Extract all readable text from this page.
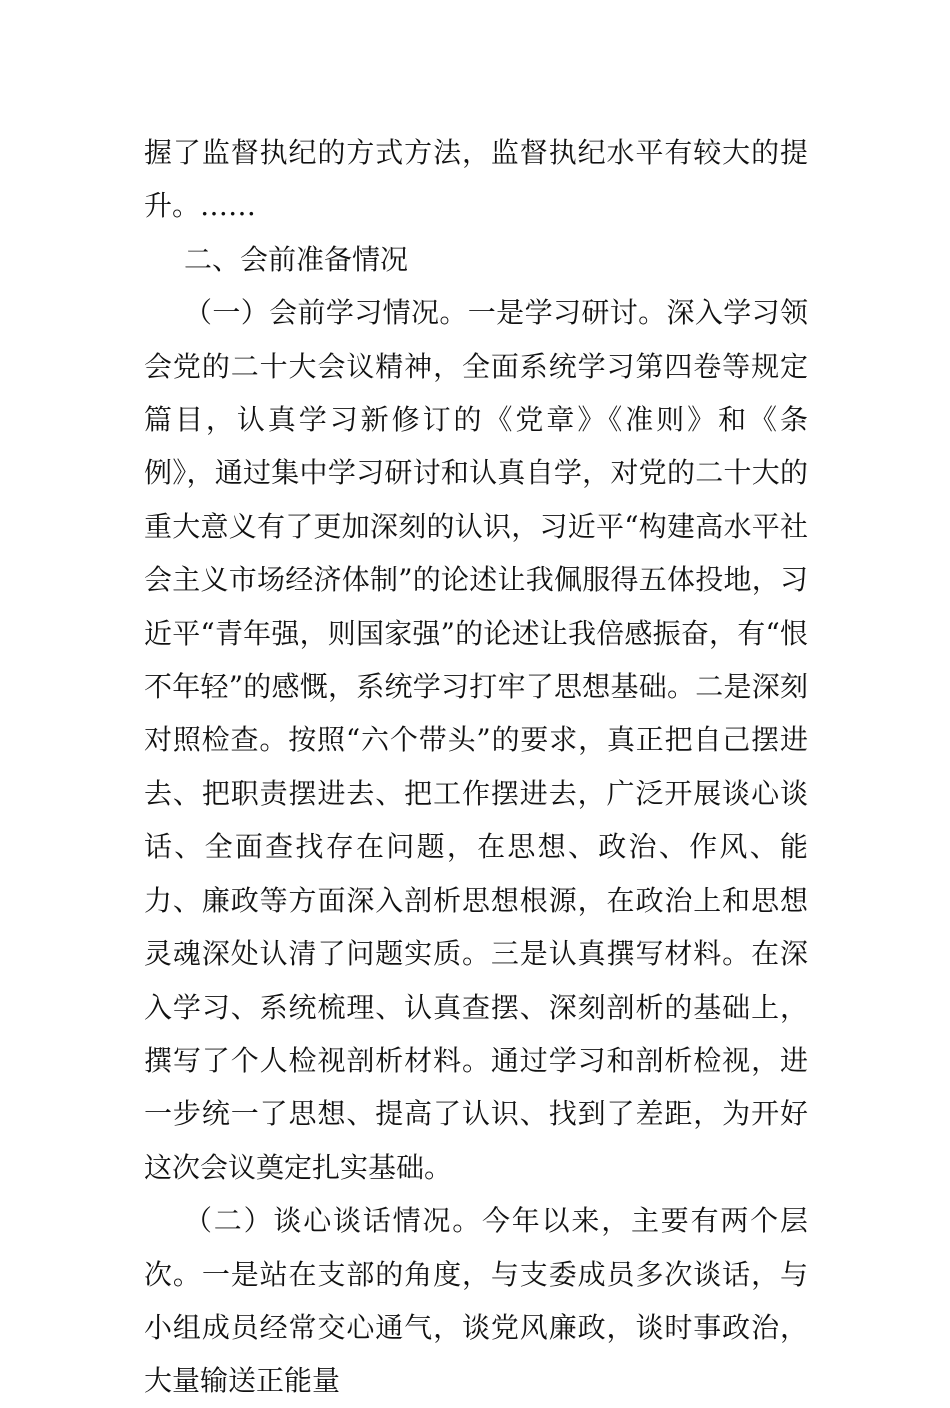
握了监督执纪的方式方法，监督执纪水平有较大的提升。……

二、会前准备情况

（一）会前学习情况。一是学习研讨。深入学习领会党的二十大会议精神，全面系统学习第四卷等规定篇目，认真学习新修订的《党章》《准则》和《条例》，通过集中学习研讨和认真自学，对党的二十大的重大意义有了更加深刻的认识，习近平“构建高水平社会主义市场经济体制”的论述让我佩服得五体投地，习近平“青年强，则国家强”的论述让我倍感振奋，有“恨不年轻”的感慨，系统学习打牢了思想基础。二是深刻对照检查。按照“六个带头”的要求，真正把自己摆进去、把职责摆进去、把工作摆进去，广泛开展谈心谈话、全面查找存在问题，在思想、政治、作风、能力、廉政等方面深入剖析思想根源，在政治上和思想灵魂深处认清了问题实质。三是认真撰写材料。在深入学习、系统梳理、认真查摆、深刻剖析的基础上，撰写了个人检视剖析材料。通过学习和剖析检视，进一步统一了思想、提高了认识、找到了差距，为开好这次会议奠定扎实基础。

（二）谈心谈话情况。今年以来，主要有两个层次。一是站在支部的角度，与支委成员多次谈话，与小组成员经常交心通气，谈党风廉政，谈时事政治，大量输送正能量
